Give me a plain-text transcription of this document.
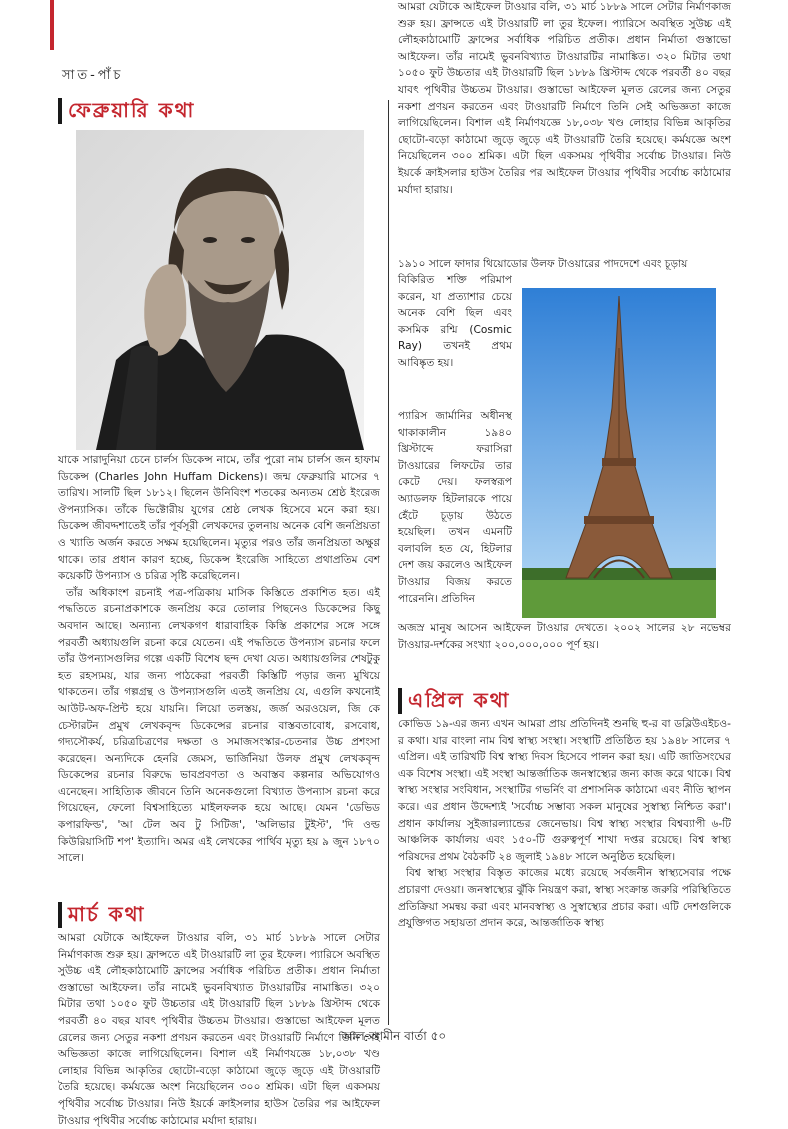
সাত-পাঁচ
ফেব্রুয়ারি কথা

যাকে সারাদুনিয়া চেনে চার্লস ডিকেন্স নামে, তাঁর পুরো নাম চার্লস জন হাফাম ডিকেন্স (Charles John Huffam Dickens)। জন্ম ফেব্রুয়ারি মাসের ৭ তারিখ। সালটি ছিল ১৮১২। ছিলেন উনিবিংশ শতকের অন্যতম শ্রেষ্ঠ ইংরেজ ঔপন্যাসিক। তাঁকে ভিক্টোরীয় যুগের শ্রেষ্ঠ লেখক হিসেবে মনে করা হয়। ডিকেন্স জীবদ্দশাতেই তাঁর পূর্বসূরী লেখকদের তুলনায় অনেক বেশি জনপ্রিয়তা ও খ্যাতি অর্জন করতে সক্ষম হয়েছিলেন। মৃত্যুর পরও তাঁর জনপ্রিয়তা অক্ষুণ্ণ থাকে। তার প্রধান কারণ হচ্ছে, ডিকেন্স ইংরেজি সাহিত্যে প্রথাপ্রতিম বেশ কয়েকটি উপন্যাস ও চরিত্র সৃষ্টি করেছিলেন।

তাঁর অধিকাংশ রচনাই পত্র-পত্রিকায় মাসিক কিস্তিতে প্রকাশিত হত। এই পদ্ধতিতে রচনাপ্রকাশকে জনপ্রিয় করে তোলার পিছনেও ডিকেন্সের কিছু অবদান আছে। অন্যান্য লেখকগণ ধারাবাহিক কিস্তি প্রকাশের সঙ্গে সঙ্গে পরবর্তী অধ্যায়গুলি রচনা করে যেতেন। এই পদ্ধতিতে উপন্যাস রচনার ফলে তাঁর উপন্যাসগুলির গল্পে একটি বিশেষ ছন্দ দেখা যেত। অধ্যায়গুলির শেষটুকু হত রহস্যময়, যার জন্য পাঠকেরা পরবর্তী কিস্তিটি পড়ার জন্য মুখিয়ে থাকতেন। তাঁর গল্পগ্রন্থ ও উপন্যাসগুলি এতই জনপ্রিয় যে, এগুলি কখনোই আউট-অফ-প্রিন্ট হয়ে যায়নি। লিয়ো তলস্তয়, জর্জ অরওয়েল, জি কে চেস্টারটন প্রমুখ লেখকবৃন্দ ডিকেন্সের রচনার বাস্তবতাবোধ, রসবোধ, গদ্যসৌকর্য, চরিত্রচিত্রণের দক্ষতা ও সমাজসংস্কার-চেতনার উচ্চ প্রশংসা করেছেন। অন্যদিকে হেনরি জেমস, ভার্জিনিয়া উলফ প্রমুখ লেখকবৃন্দ ডিকেন্সের রচনার বিরুদ্ধে ভাবপ্রবণতা ও অবাস্তব কল্পনার অভিযোগও এনেছেন। সাহিত্যিক জীবনে তিনি অনেকগুলো বিখ্যাত উপন্যাস রচনা করে গিয়েছেন, ফেলো বিশ্বসাহিত্যে মাইলফলক হয়ে আছে। যেমন 'ডেভিড কপারফিল্ড', 'আ টেল অব টু সিটিজ', 'অলিভার টুইস্ট', 'দি ওল্ড কিউরিয়াসিটি শপ' ইত্যাদি। অমর এই লেখকের পার্থিব মৃত্যু হয় ৯ জুন ১৮৭০ সালে।

মার্চ কথা

আমরা যেটাকে আইফেল টাওয়ার বলি, ৩১ মার্চ ১৮৮৯ সালে সেটার নির্মাণকাজ শুরু হয়। ফ্রান্সতে এই টাওয়ারটি লা তুর ইফেল। প্যারিসে অবস্থিত সুউচ্চ এই লৌহকাঠামোটি ফ্রান্সের সর্বাধিক পরিচিত প্রতীক। প্রধান নির্মাতা গুস্তাভো আইফেল। তাঁর নামেই ভুবনবিখ্যাত টাওয়ারটির নামাঙ্কিত। ৩২০ মিটার তথা ১০৫০ ফুট উচ্চতার এই টাওয়ারটি ছিল ১৮৮৯ খ্রিস্টাব্দ থেকে পরবর্তী ৪০ বছর যাবৎ পৃথিবীর উচ্চতম টাওয়ার। গুস্তাভো আইফেল মূলত রেলের জন্য সেতুর নকশা প্রণয়ন করতেন এবং টাওয়ারটি নির্মাণে তিনি সেই অভিজ্ঞতা কাজে লাগিয়েছিলেন। বিশাল এই নির্মাণযজ্ঞে ১৮,০৩৮ খণ্ড লোহার বিভিন্ন আকৃতির ছোটো-বড়ো কাঠামো জুড়ে জুড়ে এই টাওয়ারটি তৈরি হয়েছে। কর্মযজ্ঞে অংশ নিয়েছিলেন ৩০০ শ্রমিক। এটা ছিল একসময় পৃথিবীর সর্বোচ্চ টাওয়ার। নিউ ইয়র্কে ক্রাইসলার হাউস তৈরির পর আইফেল টাওয়ার পৃথিবীর সর্বোচ্চ কাঠামোর মর্যাদা হারায়।

আমরা যেটাকে আইফেল টাওয়ার বলি, ৩১ মার্চ ১৮৮৯ সালে সেটার নির্মাণকাজ শুরু হয়। ফ্রান্সতে এই টাওয়ারটি লা তুর ইফেল। প্যারিসে অবস্থিত সুউচ্চ এই লৌহকাঠামোটি ফ্রান্সের সর্বাধিক পরিচিত প্রতীক। প্রধান নির্মাতা গুস্তাভো আইফেল। তাঁর নামেই ভুবনবিখ্যাত টাওয়ারটির নামাঙ্কিত। ৩২০ মিটার তথা ১০৫০ ফুট উচ্চতার এই টাওয়ারটি ছিল ১৮৮৯ খ্রিস্টাব্দ থেকে পরবর্তী ৪০ বছর যাবৎ পৃথিবীর উচ্চতম টাওয়ার। গুস্তাভো আইফেল মূলত রেলের জন্য সেতুর নকশা প্রণয়ন করতেন এবং টাওয়ারটি নির্মাণে তিনি সেই অভিজ্ঞতা কাজে লাগিয়েছিলেন। বিশাল এই নির্মাণযজ্ঞে ১৮,০৩৮ খণ্ড লোহার বিভিন্ন আকৃতির ছোটো-বড়ো কাঠামো জুড়ে জুড়ে এই টাওয়ারটি তৈরি হয়েছে। কর্মযজ্ঞে অংশ নিয়েছিলেন ৩০০ শ্রমিক। এটা ছিল একসময় পৃথিবীর সর্বোচ্চ টাওয়ার। নিউ ইয়র্কে ক্রাইসলার হাউস তৈরির পর আইফেল টাওয়ার পৃথিবীর সর্বোচ্চ কাঠামোর মর্যাদা হারায়।

১৯১০ সালে ফাদার থিয়োডোর উলফ টাওয়ারের পাদদেশে এবং চূড়ায়
বিকিরিত শক্তি পরিমাপ করেন, যা প্রত্যাশার চেয়ে অনেক বেশি ছিল এবং কসমিক রশ্মি (Cosmic Ray) তখনই প্রথম আবিষ্কৃত হয়।
প্যারিস জার্মানির অধীনস্থ থাকাকালীন ১৯৪০ খ্রিস্টাব্দে ফরাসিরা টাওয়ারের লিফটের তার কেটে দেয়। ফলস্বরূপ অ্যাডলফ হিটলারকে পায়ে হেঁটে চূড়ায় উঠতে হয়েছিল। তখন এমনটি বলাবলি হত যে, হিটলার দেশ জয় করলেও আইফেল টাওয়ার বিজয় করতে পারেননি। প্রতিদিন
অজস্র মানুষ আসেন আইফেল টাওয়ার দেখতে। ২০০২ সালের ২৮ নভেম্বর টাওয়ার-দর্শকের সংখ্যা ২০০,০০০,০০০ পূর্ণ হয়।
এপ্রিল কথা

কোভিড ১৯-এর জন্য এখন আমরা প্রায় প্রতিদিনই শুনছি হু-র বা ডব্লিউএইচও-র কথা। যার বাংলা নাম বিশ্ব স্বাস্থ্য সংস্থা। সংস্থাটি প্রতিষ্ঠিত হয় ১৯৪৮ সালের ৭ এপ্রিল। এই তারিখটি বিশ্ব স্বাস্থ্য দিবস হিসেবে পালন করা হয়। এটি জাতিসংঘের এক বিশেষ সংস্থা। এই সংস্থা আন্তর্জাতিক জনস্বাস্থ্যের জন্য কাজ করে থাকে। বিশ্ব স্বাস্থ্য সংস্থার সংবিধান, সংস্থাটির গভর্নিং বা প্রশাসনিক কাঠামো এবং নীতি স্থাপন করে। এর প্রধান উদ্দেশ্যই 'সর্বোচ্চ সম্ভাব্য সকল মানুষের সুস্বাস্থ্য নিশ্চিত করা'। প্রধান কার্যালয় সুইজারল্যান্ডের জেনেভায়। বিশ্ব স্বাস্থ্য সংস্থার বিশ্বব্যাপী ৬-টি আঞ্চলিক কার্যালয় এবং ১৫০-টি গুরুত্বপূর্ণ শাখা দপ্তর রয়েছে। বিশ্ব স্বাস্থ্য পরিষদের প্রথম বৈঠকটি ২৪ জুলাই ১৯৪৮ সালে অনুষ্ঠিত হয়েছিল।

বিশ্ব স্বাস্থ্য সংস্থার বিস্তৃত কাজের মধ্যে রয়েছে সর্বজনীন স্বাস্থ্যসেবার পক্ষে প্রচারণা দেওয়া। জনস্বাস্থ্যের ঝুঁকি নিয়ন্ত্রণ করা, স্বাস্থ্য সংক্রান্ত জরুরি পরিস্থিতিতে প্রতিক্রিয়া সমন্বয় করা এবং মানবস্বাস্থ্য ও সুস্বাস্থ্যের প্রচার করা। এটি দেশগুলিকে প্রযুক্তিগত সহায়তা প্রদান করে, আন্তর্জাতিক স্বাস্থ্য

আল-আমীন বার্তা ৫০
